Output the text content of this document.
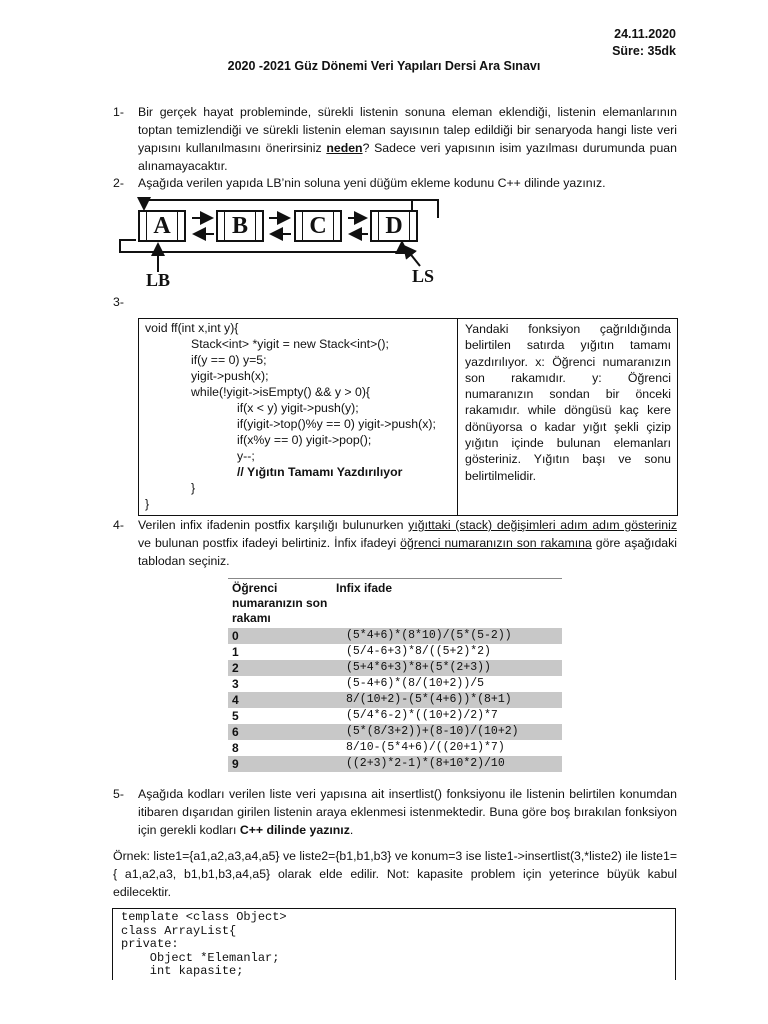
24.11.2020
Süre: 35dk
2020 -2021 Güz Dönemi Veri Yapıları Dersi Ara Sınavı
1- Bir gerçek hayat probleminde, sürekli listenin sonuna eleman eklendiği, listenin elemanlarının toptan temizlendiği ve sürekli listenin eleman sayısının talep edildiği bir senaryoda hangi liste veri yapısını kullanılmasını önerirsiniz neden? Sadece veri yapısının isim yazılması durumunda puan alınamayacaktır.
2- Aşağıda verilen yapıda LB’nin soluna yeni düğüm ekleme kodunu C++ dilinde yazınız.
A	B	C	D
LB	LS
3-
void ff(int x,int y){
Stack<int> *yigit = new Stack<int>();
if(y == 0) y=5;
yigit->push(x);
while(!yigit->isEmpty() && y > 0){
if(x < y) yigit->push(y);
if(yigit->top()%y == 0) yigit->push(x);
if(x%y == 0) yigit->pop();
y--;
// Yığıtın Tamamı Yazdırılıyor
}
}
Yandaki fonksiyon çağrıldığında belirtilen satırda yığıtın tamamı yazdırılıyor. x: Öğrenci numaranızın son rakamıdır. y: Öğrenci numaranızın sondan bir önceki rakamıdır. while döngüsü kaç kere dönüyorsa o kadar yığıt şekli çizip yığıtın içinde bulunan elemanları gösteriniz. Yığıtın başı ve sonu belirtilmelidir.
4- Verilen infix ifadenin postfix karşılığı bulunurken yığıttaki (stack) değişimleri adım adım gösteriniz ve bulunan postfix ifadeyi belirtiniz. İnfix ifadeyi öğrenci numaranızın son rakamına göre aşağıdaki tablodan seçiniz.
Öğrenci numaranızın son rakamı	Infix ifade
0	(5*4+6)*(8*10)/(5*(5-2))
1	(5/4-6+3)*8/((5+2)*2)
2	(5+4*6+3)*8+(5*(2+3))
3	(5-4+6)*(8/(10+2))/5
4	8/(10+2)-(5*(4+6))*(8+1)
5	(5/4*6-2)*((10+2)/2)*7
6	(5*(8/3+2))+(8-10)/(10+2)
8	8/10-(5*4+6)/((20+1)*7)
9	((2+3)*2-1)*(8+10*2)/10
5- Aşağıda kodları verilen liste veri yapısına ait insertlist() fonksiyonu ile listenin belirtilen konumdan itibaren dışarıdan girilen listenin araya eklenmesi istenmektedir. Buna göre boş bırakılan fonksiyon için gerekli kodları C++ dilinde yazınız.
Örnek: liste1={a1,a2,a3,a4,a5} ve liste2={b1,b1,b3} ve konum=3 ise liste1->insertlist(3,*liste2) ile liste1={ a1,a2,a3, b1,b1,b3,a4,a5} olarak elde edilir. Not: kapasite problem için yeterince büyük kabul edilecektir.
template <class Object>
class ArrayList{
private:
Object *Elemanlar;
int kapasite;
